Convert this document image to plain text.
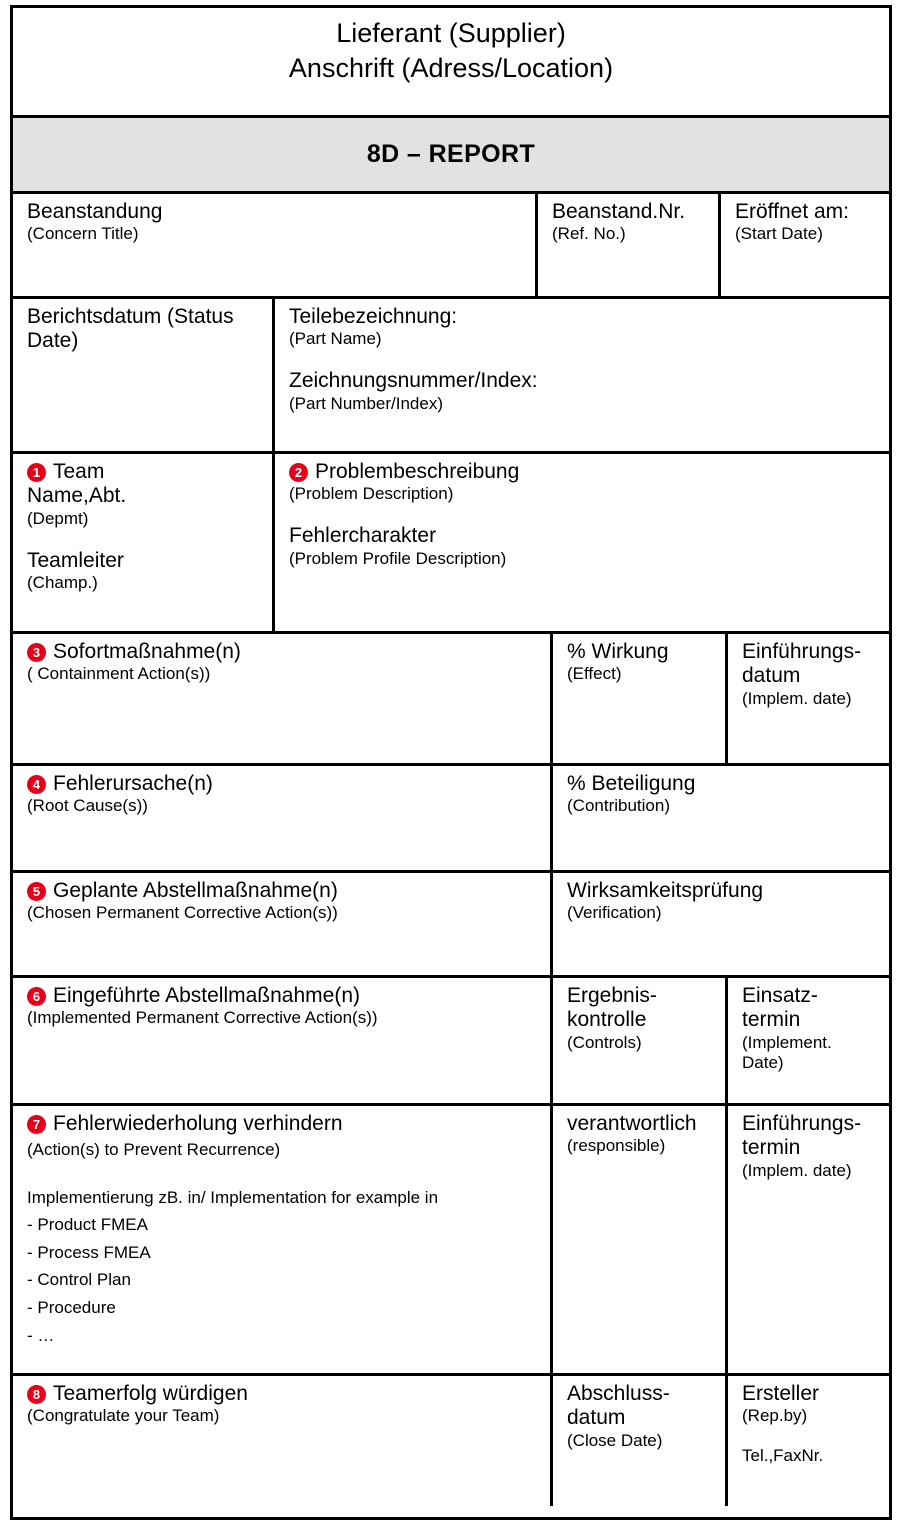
Lieferant (Supplier)
Anschrift (Adress/Location)
8D – REPORT
Beanstandung
(Concern Title)
Beanstand.Nr.
(Ref. No.)
Eröffnet am:
(Start Date)
Berichtsdatum (Status
Date)
Teilebezeichnung:
(Part Name)
Zeichnungsnummer/Index:
(Part Number/Index)
1 Team
Name,Abt.
(Depmt)
Teamleiter
(Champ.)
2 Problembeschreibung
(Problem Description)
Fehlercharakter
(Problem Profile Description)
3 Sofortmaßnahme(n)
( Containment Action(s))
% Wirkung
(Effect)
Einführungs-
datum
(Implem. date)
4 Fehlerursache(n)
(Root Cause(s))
% Beteiligung
(Contribution)
5 Geplante Abstellmaßnahme(n)
(Chosen Permanent Corrective Action(s))
Wirksamkeitsprüfung
(Verification)
6 Eingeführte Abstellmaßnahme(n)
(Implemented Permanent Corrective Action(s))
Ergebnis-
kontrolle
(Controls)
Einsatz-
termin
(Implement.
Date)
7 Fehlerwiederholung verhindern
(Action(s) to Prevent Recurrence)
Implementierung zB. in/ Implementation for example in
- Product FMEA
- Process FMEA
- Control Plan
- Procedure
- …
verantwortlich
(responsible)
Einführungs-
termin
(Implem. date)
8 Teamerfolg würdigen
(Congratulate your Team)
Abschluss-
datum
(Close Date)
Ersteller
(Rep.by)
Tel.,FaxNr.
